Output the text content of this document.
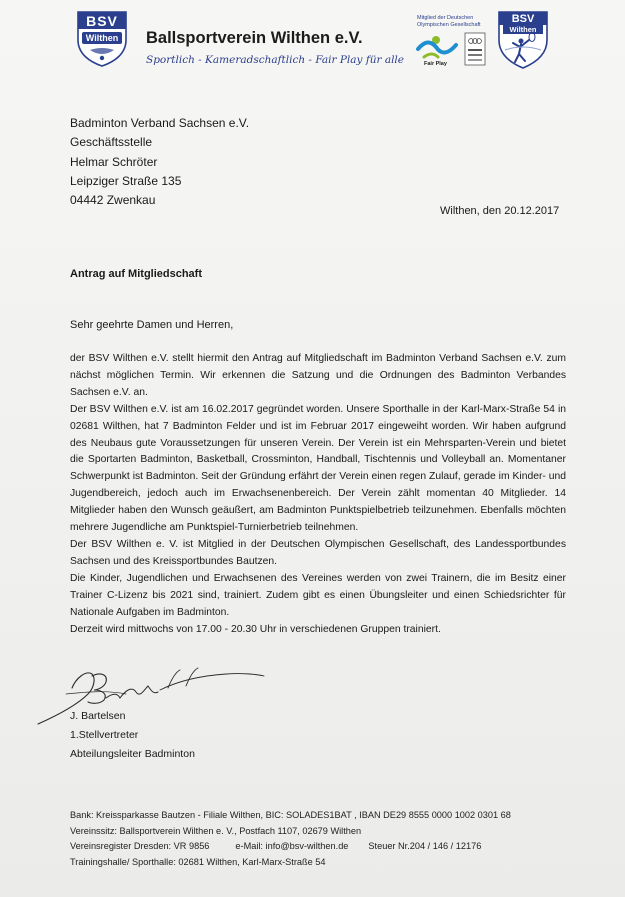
BSV
Wilthen Ballsportverein Wilthen e.V.
Sportlich - Kameradschaftlich - Fair Play für alle
Mitglied der Deutschen Olympischen Gesellschaft
Fair Play
BSV
Wilthen
Badminton Verband Sachsen e.V.
Geschäftsstelle
Helmar Schröter
Leipziger Straße 135
04442 Zwenkau
Wilthen, den 20.12.2017
Antrag auf Mitgliedschaft
Sehr geehrte Damen und Herren,

der BSV Wilthen e.V. stellt hiermit den Antrag auf Mitgliedschaft im Badminton Verband Sachsen e.V. zum nächst möglichen Termin. Wir erkennen die Satzung und die Ordnungen des Badminton Verbandes Sachsen e.V. an.

Der BSV Wilthen e.V. ist am 16.02.2017 gegründet worden. Unsere Sporthalle in der Karl-Marx-Straße 54 in 02681 Wilthen, hat 7 Badminton Felder und ist im Februar 2017 eingeweiht worden. Wir haben aufgrund des Neubaus gute Voraussetzungen für unseren Verein. Der Verein ist ein Mehrsparten-Verein und bietet die Sportarten Badminton, Basketball, Crossminton, Handball, Tischtennis und Volleyball an. Momentaner Schwerpunkt ist Badminton. Seit der Gründung erfährt der Verein einen regen Zulauf, gerade im Kinder- und Jugendbereich, jedoch auch im Erwachsenenbereich. Der Verein zählt momentan 40 Mitglieder. 14 Mitglieder haben den Wunsch geäußert, am Badminton Punktspielbetrieb teilzunehmen. Ebenfalls möchten mehrere Jugendliche am Punktspiel-Turnierbetrieb teilnehmen.

Der BSV Wilthen e. V. ist Mitglied in der Deutschen Olympischen Gesellschaft, des Landessportbundes Sachsen und des Kreissportbundes Bautzen.

Die Kinder, Jugendlichen und Erwachsenen des Vereines werden von zwei Trainern, die im Besitz einer Trainer C-Lizenz bis 2021 sind, trainiert. Zudem gibt es einen Übungsleiter und einen Schiedsrichter für Nationale Aufgaben im Badminton.

Derzeit wird mittwochs von 17.00 - 20.30 Uhr in verschiedenen Gruppen trainiert.

J. Bartelsen
1.Stellvertreter
Abteilungsleiter Badminton
Bank: Kreissparkasse Bautzen - Filiale Wilthen, BIC: SOLADES1BAT , IBAN DE29 8555 0000 1002 0301 68
Vereinssitz: Ballsportverein Wilthen e. V., Postfach 1107, 02679 Wilthen
Vereinsregister Dresden: VR 9856	e-Mail: info@bsv-wilthen.de Steuer Nr.204 / 146 / 12176
Trainingshalle/ Sporthalle: 02681 Wilthen, Karl-Marx-Straße 54
